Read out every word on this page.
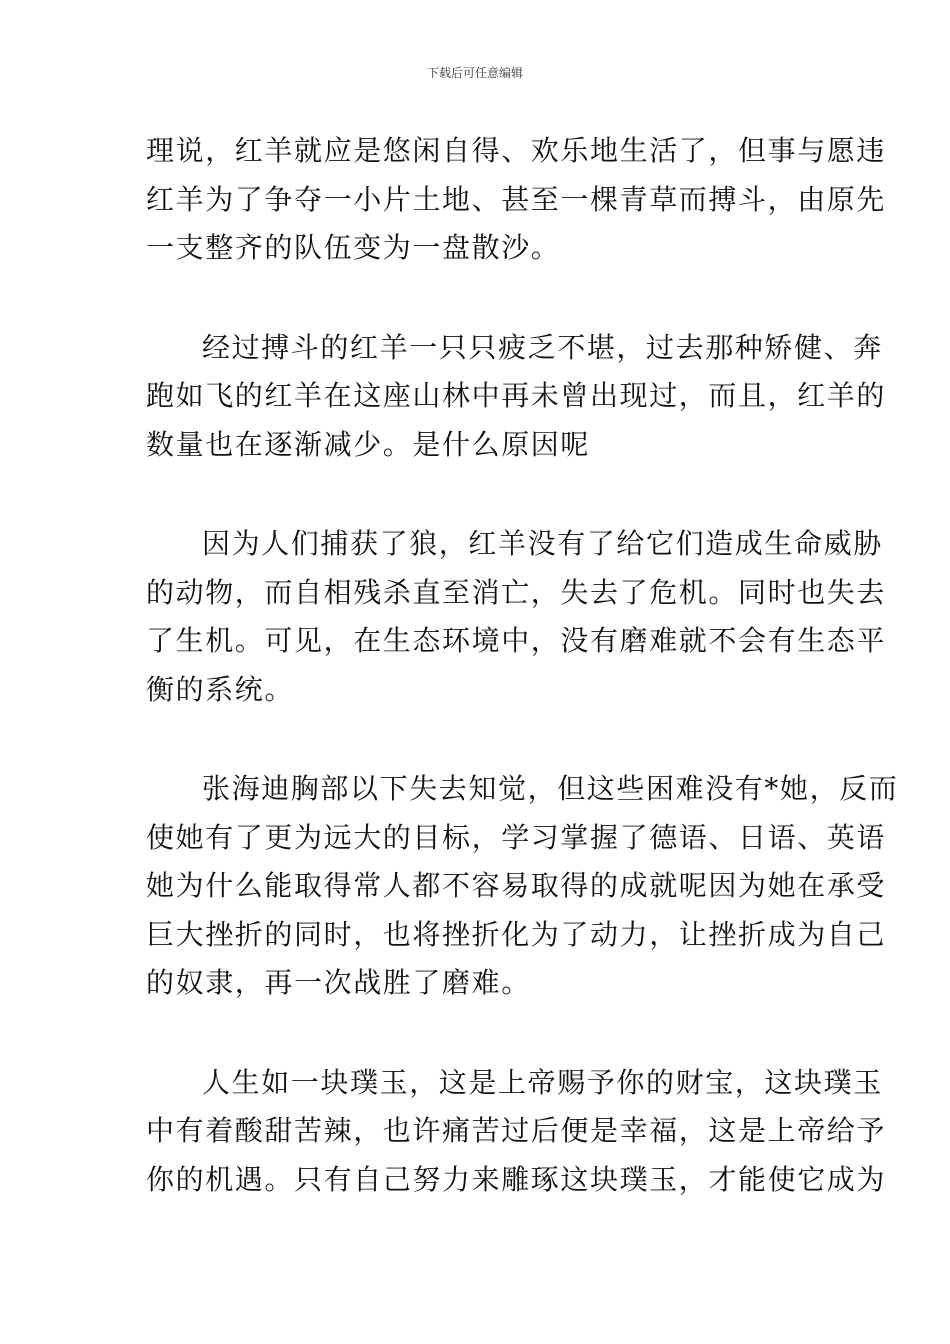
下载后可任意编辑
理说，红羊就应是悠闲自得、欢乐地生活了，但事与愿违
红羊为了争夺一小片土地、甚至一棵青草而搏斗，由原先
一支整齐的队伍变为一盘散沙。
经过搏斗的红羊一只只疲乏不堪，过去那种矫健、奔
跑如飞的红羊在这座山林中再未曾出现过，而且，红羊的
数量也在逐渐减少。是什么原因呢
因为人们捕获了狼，红羊没有了给它们造成生命威胁
的动物，而自相残杀直至消亡，失去了危机。同时也失去
了生机。可见，在生态环境中，没有磨难就不会有生态平
衡的系统。
张海迪胸部以下失去知觉，但这些困难没有*她，反而
使她有了更为远大的目标，学习掌握了德语、日语、英语
她为什么能取得常人都不容易取得的成就呢因为她在承受
巨大挫折的同时，也将挫折化为了动力，让挫折成为自己
的奴隶，再一次战胜了磨难。
人生如一块璞玉，这是上帝赐予你的财宝，这块璞玉
中有着酸甜苦辣，也许痛苦过后便是幸福，这是上帝给予
你的机遇。只有自己努力来雕琢这块璞玉，才能使它成为
